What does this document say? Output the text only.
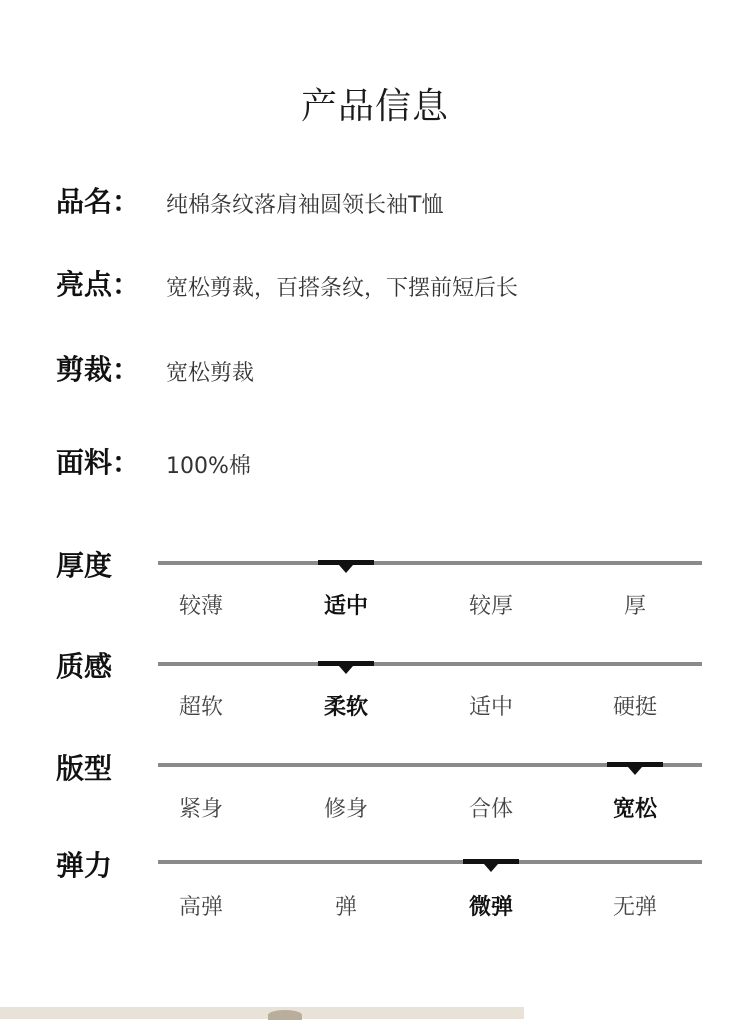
产品信息
品名： 纯棉条纹落肩袖圆领长袖T恤
亮点： 宽松剪裁，百搭条纹，下摆前短后长
剪裁： 宽松剪裁
面料： 100%棉
厚度
较薄	适中	较厚	厚
质感
超软	柔软	适中	硬挺
版型
紧身	修身	合体	宽松
弹力
高弹	弹	微弹	无弹
